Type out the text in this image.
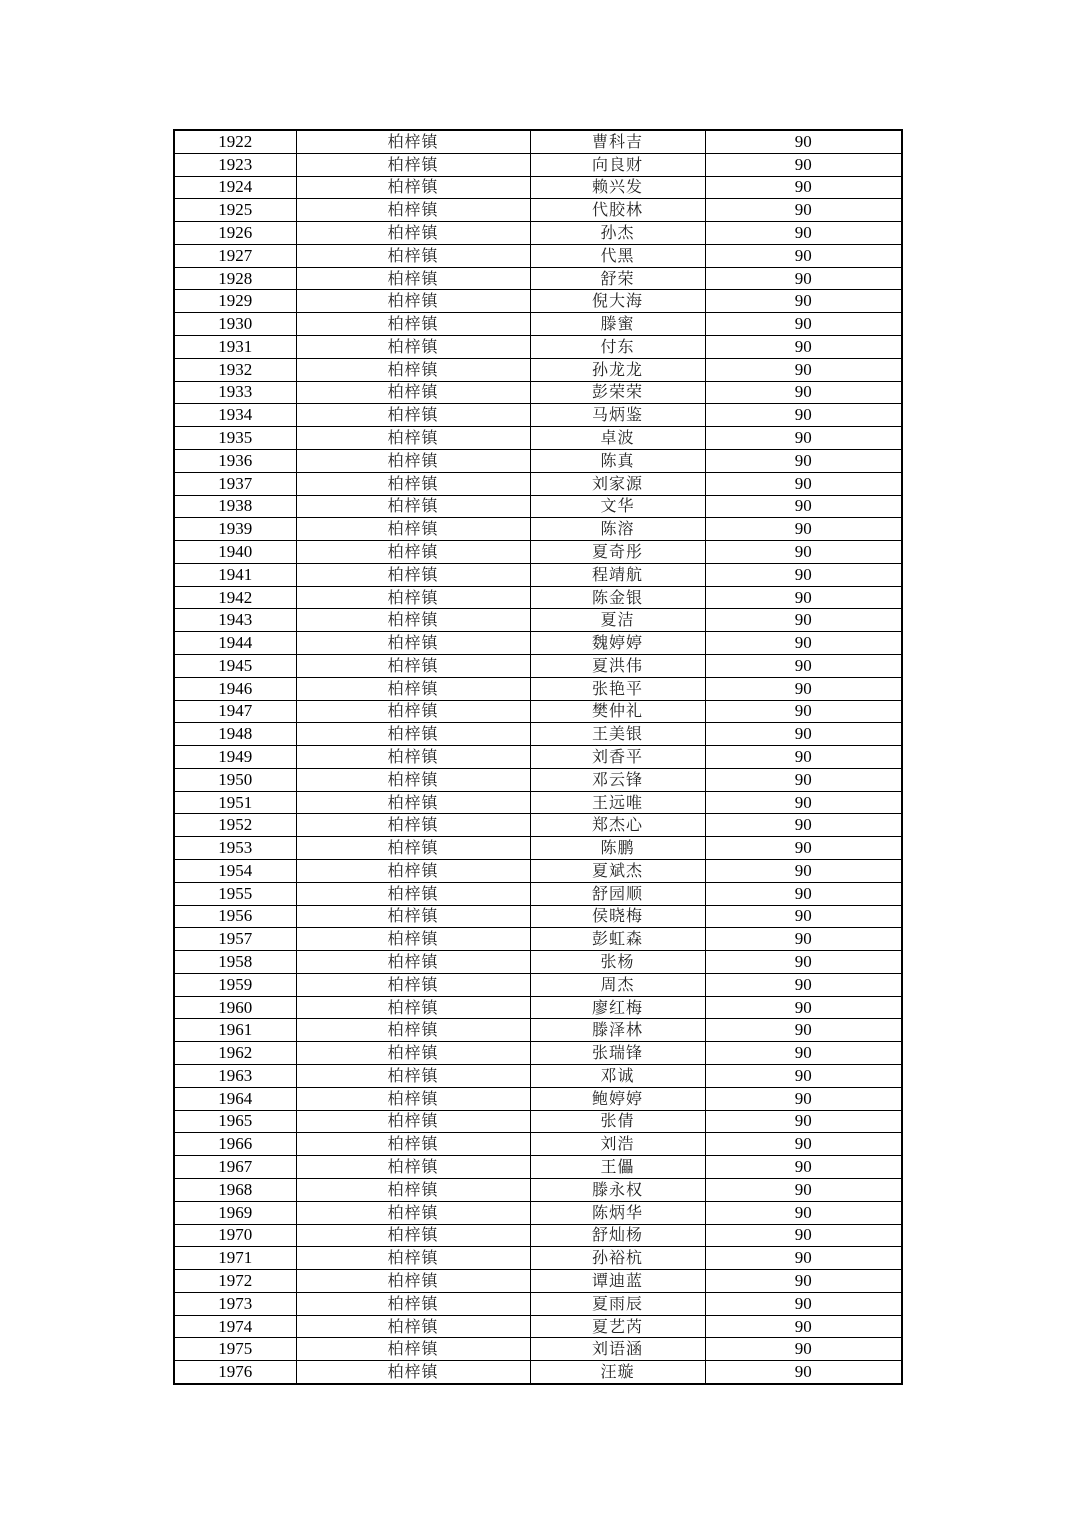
1922	柏梓镇	曹科吉	90
1923	柏梓镇	向良财	90
1924	柏梓镇	赖兴发	90
1925	柏梓镇	代胶林	90
1926	柏梓镇	孙杰	90
1927	柏梓镇	代黑	90
1928	柏梓镇	舒荣	90
1929	柏梓镇	倪大海	90
1930	柏梓镇	滕蜜	90
1931	柏梓镇	付东	90
1932	柏梓镇	孙龙龙	90
1933	柏梓镇	彭荣荣	90
1934	柏梓镇	马炳鉴	90
1935	柏梓镇	卓波	90
1936	柏梓镇	陈真	90
1937	柏梓镇	刘家源	90
1938	柏梓镇	文华	90
1939	柏梓镇	陈溶	90
1940	柏梓镇	夏奇彤	90
1941	柏梓镇	程靖航	90
1942	柏梓镇	陈金银	90
1943	柏梓镇	夏洁	90
1944	柏梓镇	魏婷婷	90
1945	柏梓镇	夏洪伟	90
1946	柏梓镇	张艳平	90
1947	柏梓镇	樊仲礼	90
1948	柏梓镇	王美银	90
1949	柏梓镇	刘香平	90
1950	柏梓镇	邓云锋	90
1951	柏梓镇	王远唯	90
1952	柏梓镇	郑杰心	90
1953	柏梓镇	陈鹏	90
1954	柏梓镇	夏斌杰	90
1955	柏梓镇	舒园顺	90
1956	柏梓镇	侯晓梅	90
1957	柏梓镇	彭虹森	90
1958	柏梓镇	张杨	90
1959	柏梓镇	周杰	90
1960	柏梓镇	廖红梅	90
1961	柏梓镇	滕泽林	90
1962	柏梓镇	张瑞锋	90
1963	柏梓镇	邓诚	90
1964	柏梓镇	鲍婷婷	90
1965	柏梓镇	张倩	90
1966	柏梓镇	刘浩	90
1967	柏梓镇	王儡	90
1968	柏梓镇	滕永权	90
1969	柏梓镇	陈炳华	90
1970	柏梓镇	舒灿杨	90
1971	柏梓镇	孙裕杭	90
1972	柏梓镇	谭迪蓝	90
1973	柏梓镇	夏雨辰	90
1974	柏梓镇	夏艺芮	90
1975	柏梓镇	刘语涵	90
1976	柏梓镇	汪璇	90
